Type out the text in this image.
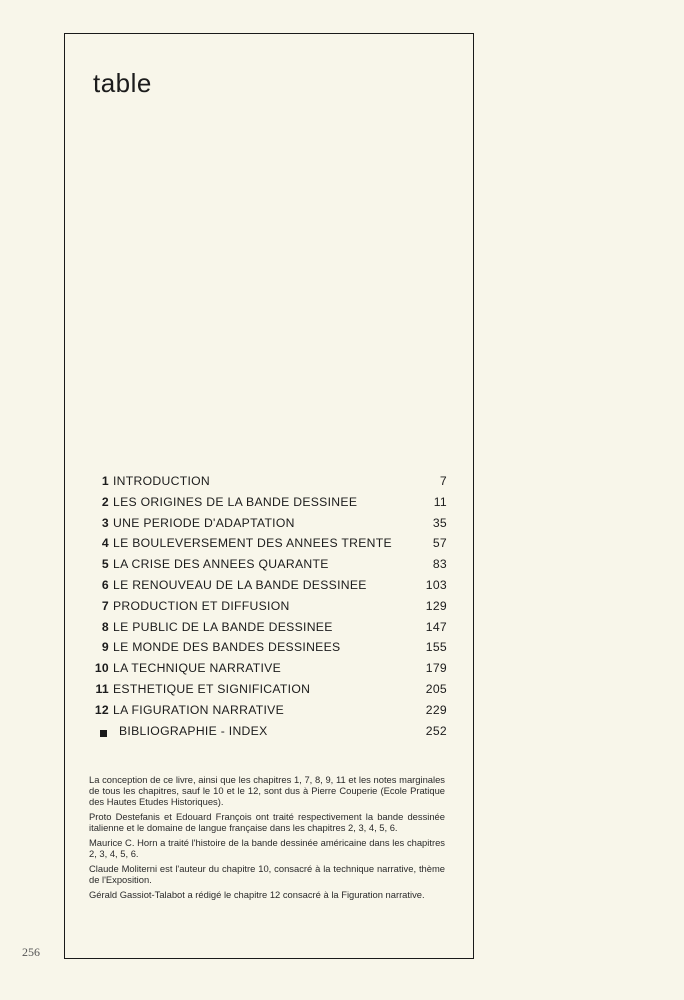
table
1 INTRODUCTION	7
2 LES ORIGINES DE LA BANDE DESSINEE	11
3 UNE PERIODE D'ADAPTATION	35
4 LE BOULEVERSEMENT DES ANNEES TRENTE	57
5 LA CRISE DES ANNEES QUARANTE	83
6 LE RENOUVEAU DE LA BANDE DESSINEE	103
7 PRODUCTION ET DIFFUSION	129
8 LE PUBLIC DE LA BANDE DESSINEE	147
9 LE MONDE DES BANDES DESSINEES	155
10 LA TECHNIQUE NARRATIVE	179
11 ESTHETIQUE ET SIGNIFICATION	205
12 LA FIGURATION NARRATIVE	229
BIBLIOGRAPHIE - INDEX	252

La conception de ce livre, ainsi que les chapitres 1, 7, 8, 9, 11 et les notes marginales de tous les chapitres, sauf le 10 et le 12, sont dus à Pierre Couperie (Ecole Pratique des Hautes Etudes Historiques).

Proto Destefanis et Edouard François ont traité respectivement la bande dessinée italienne et le domaine de langue française dans les chapitres 2, 3, 4, 5, 6.

Maurice C. Horn a traité l'histoire de la bande dessinée américaine dans les chapitres 2, 3, 4, 5, 6.

Claude Moliterni est l'auteur du chapitre 10, consacré à la technique narrative, thème de l'Exposition.

Gérald Gassiot-Talabot a rédigé le chapitre 12 consacré à la Figuration narrative.

256
